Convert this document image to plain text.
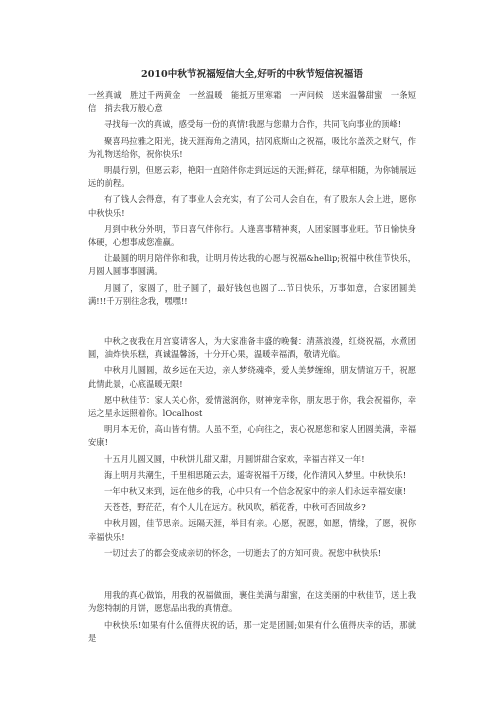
2010中秋节祝福短信大全,好听的中秋节短信祝福语

一丝真诚　胜过千两黄金　一丝温暖　能抵万里寒霜　一声问候　送来温馨甜蜜　一条短信　捎去我万般心意

寻找每一次的真诚，感受每一份的真情!我愿与您鼎力合作，共同飞向事业的顶峰!

聚喜玛拉雅之阳光，拢天涯海角之清风，拮冈底斯山之祝福，吸比尔盖茨之财气，作为礼物送给你，祝你快乐!

明晨行别，但愿云彩，艳阳一直陪伴你走到远远的天涯;鲜花，绿草相随，为你铺展远远的前程。

有了钱人会得意，有了事业人会充实，有了公司人会自在，有了股东人会上进，愿你中秋快乐!

月到中秋分外明，节日喜气伴你行。人逢喜事精神爽，人团家圆事业旺。节日愉快身体硬，心想事成您准赢。

让最圆的明月陪伴你和我，让明月传达我的心愿与祝福&hellip;祝福中秋佳节快乐，月圆人圆事事圆满。

月圆了，家圆了，肚子圆了，最好钱包也圆了...节日快乐，万事如意，合家团圆美满!!!千万别往念我，嘿嘿!!

中秋之夜我在月宫宴请客人，为大家准备丰盛的晚餐：清蒸浪漫，红烧祝福，水煮团圆，油炸快乐糕，真诚温馨汤，十分开心果，温暖幸福酒，敬请光临。

中秋月儿圆圆，故乡远在天边，亲人梦绕魂牵，爱人美梦缠绵，朋友情谊万千，祝愿此情此景，心底温暖无限!

愿中秋佳节：家人关心你，爱情滋润你，财神宠幸你，朋友思于你，我会祝福你，幸运之星永远照着你。lOcalhost

明月本无价，高山皆有情。人虽不至，心向往之，衷心祝愿您和家人团圆美满，幸福安康!

十五月儿圆又圆，中秋饼儿甜又甜，月圆饼甜合家欢，幸福吉祥又一年!

海上明月共潮生，千里相思随云去，遥寄祝福千万缕，化作清风入梦里。中秋快乐!

一年中秋又来到，远在他乡的我，心中只有一个信念祝家中的亲人们永远幸福安康!

天苍苍，野茫茫，有个人儿在远方。秋风吹，稻花香，中秋可否回故乡?

中秋月圆，佳节思亲。远隔天涯，举目有亲。心愿，祝愿，如愿，情缘，了愿，祝你幸福快乐!

一切过去了的都会变成亲切的怀念，一切逝去了的方知可贵。祝您中秋快乐!

用我的真心做馅，用我的祝福做面，裹住美满与甜蜜，在这美丽的中秋佳节，送上我为您特制的月饼，愿您品出我的真情意。

中秋快乐!如果有什么值得庆祝的话，那一定是团圆;如果有什么值得庆幸的话，那就是
